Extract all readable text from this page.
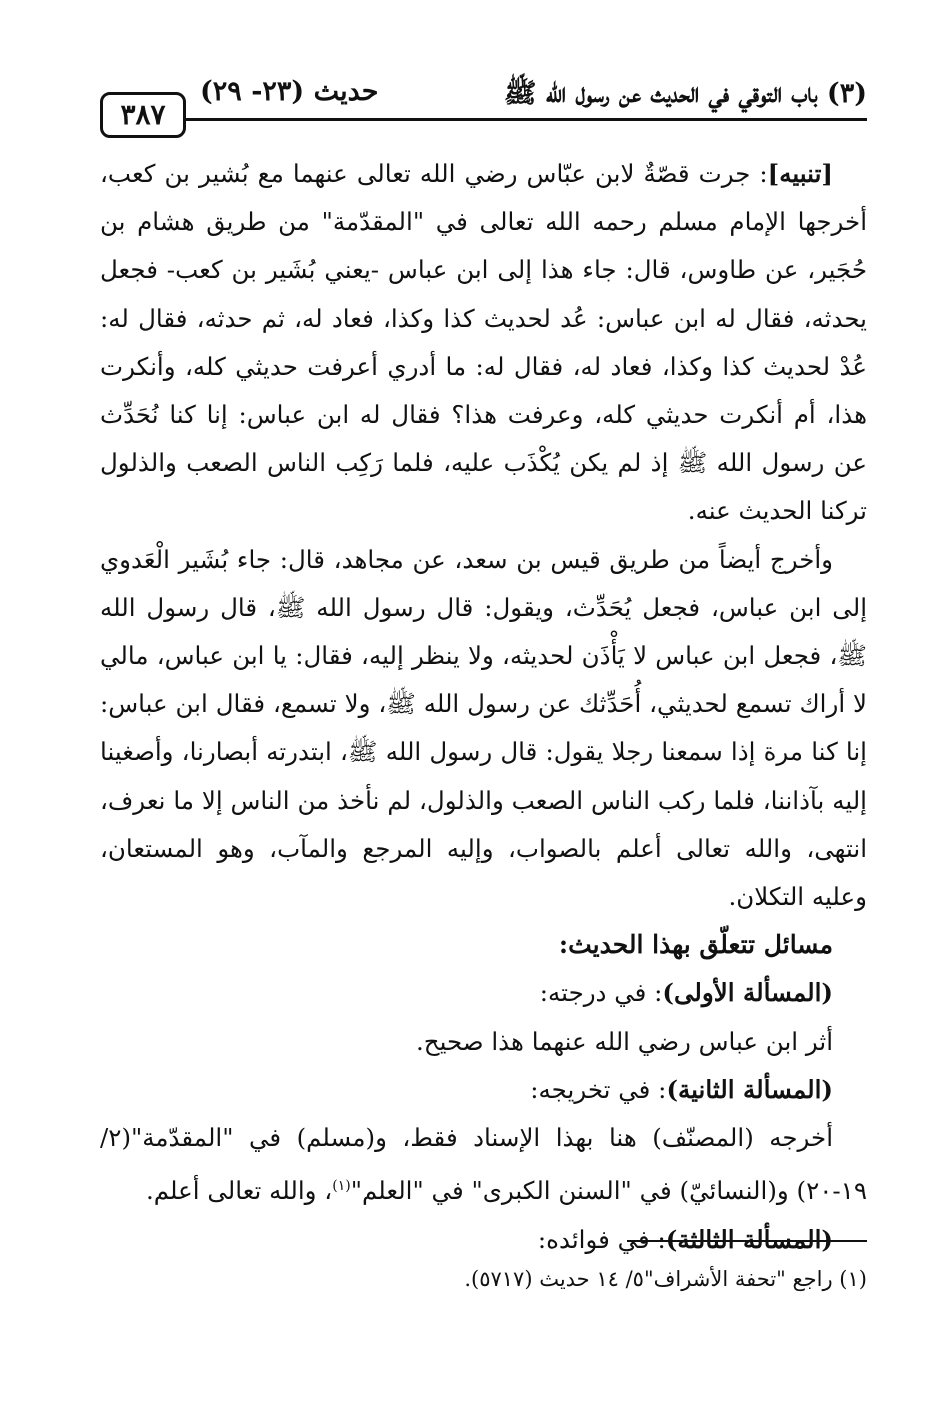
(٣) باب التوقي في الحديث عن رسول الله ﷺ
حديث (٢٣- ٢٩)
٣٨٧

[تنبيه]: جرت قصّةٌ لابن عبّاس رضي الله تعالى عنهما مع بُشير بن كعب، أخرجها الإمام مسلم رحمه الله تعالى في "المقدّمة" من طريق هشام بن حُجَير، عن طاوس، قال: جاء هذا إلى ابن عباس -يعني بُشَير بن كعب- فجعل يحدثه، فقال له ابن عباس: عُد لحديث كذا وكذا، فعاد له، ثم حدثه، فقال له: عُدْ لحديث كذا وكذا، فعاد له، فقال له: ما أدري أعرفت حديثي كله، وأنكرت هذا، أم أنكرت حديثي كله، وعرفت هذا؟ فقال له ابن عباس: إنا كنا نُحَدِّث عن رسول الله ﷺ إذ لم يكن يُكْذَب عليه، فلما رَكِب الناس الصعب والذلول تركنا الحديث عنه.

وأخرج أيضاً من طريق قيس بن سعد، عن مجاهد، قال: جاء بُشَير الْعَدوي إلى ابن عباس، فجعل يُحَدِّث، ويقول: قال رسول الله ﷺ، قال رسول الله ﷺ، فجعل ابن عباس لا يَأْذَن لحديثه، ولا ينظر إليه، فقال: يا ابن عباس، مالي لا أراك تسمع لحديثي، أُحَدِّثك عن رسول الله ﷺ، ولا تسمع، فقال ابن عباس: إنا كنا مرة إذا سمعنا رجلا يقول: قال رسول الله ﷺ، ابتدرته أبصارنا، وأصغينا إليه بآذاننا، فلما ركب الناس الصعب والذلول، لم نأخذ من الناس إلا ما نعرف، انتهى، والله تعالى أعلم بالصواب، وإليه المرجع والمآب، وهو المستعان، وعليه التكلان.

مسائل تتعلّق بهذا الحديث:

(المسألة الأولى): في درجته:

أثر ابن عباس رضي الله عنهما هذا صحيح.

(المسألة الثانية): في تخريجه:

أخرجه (المصنّف) هنا بهذا الإسناد فقط، و(مسلم) في "المقدّمة"(٢/ ١٩-٢٠) و(النسائيّ) في "السنن الكبرى" في "العلم"$^{(١)}$، والله تعالى أعلم.

(المسألة الثالثة): في فوائده:

(١) راجع "تحفة الأشراف"٥/ ١٤ حديث (٥٧١٧).
